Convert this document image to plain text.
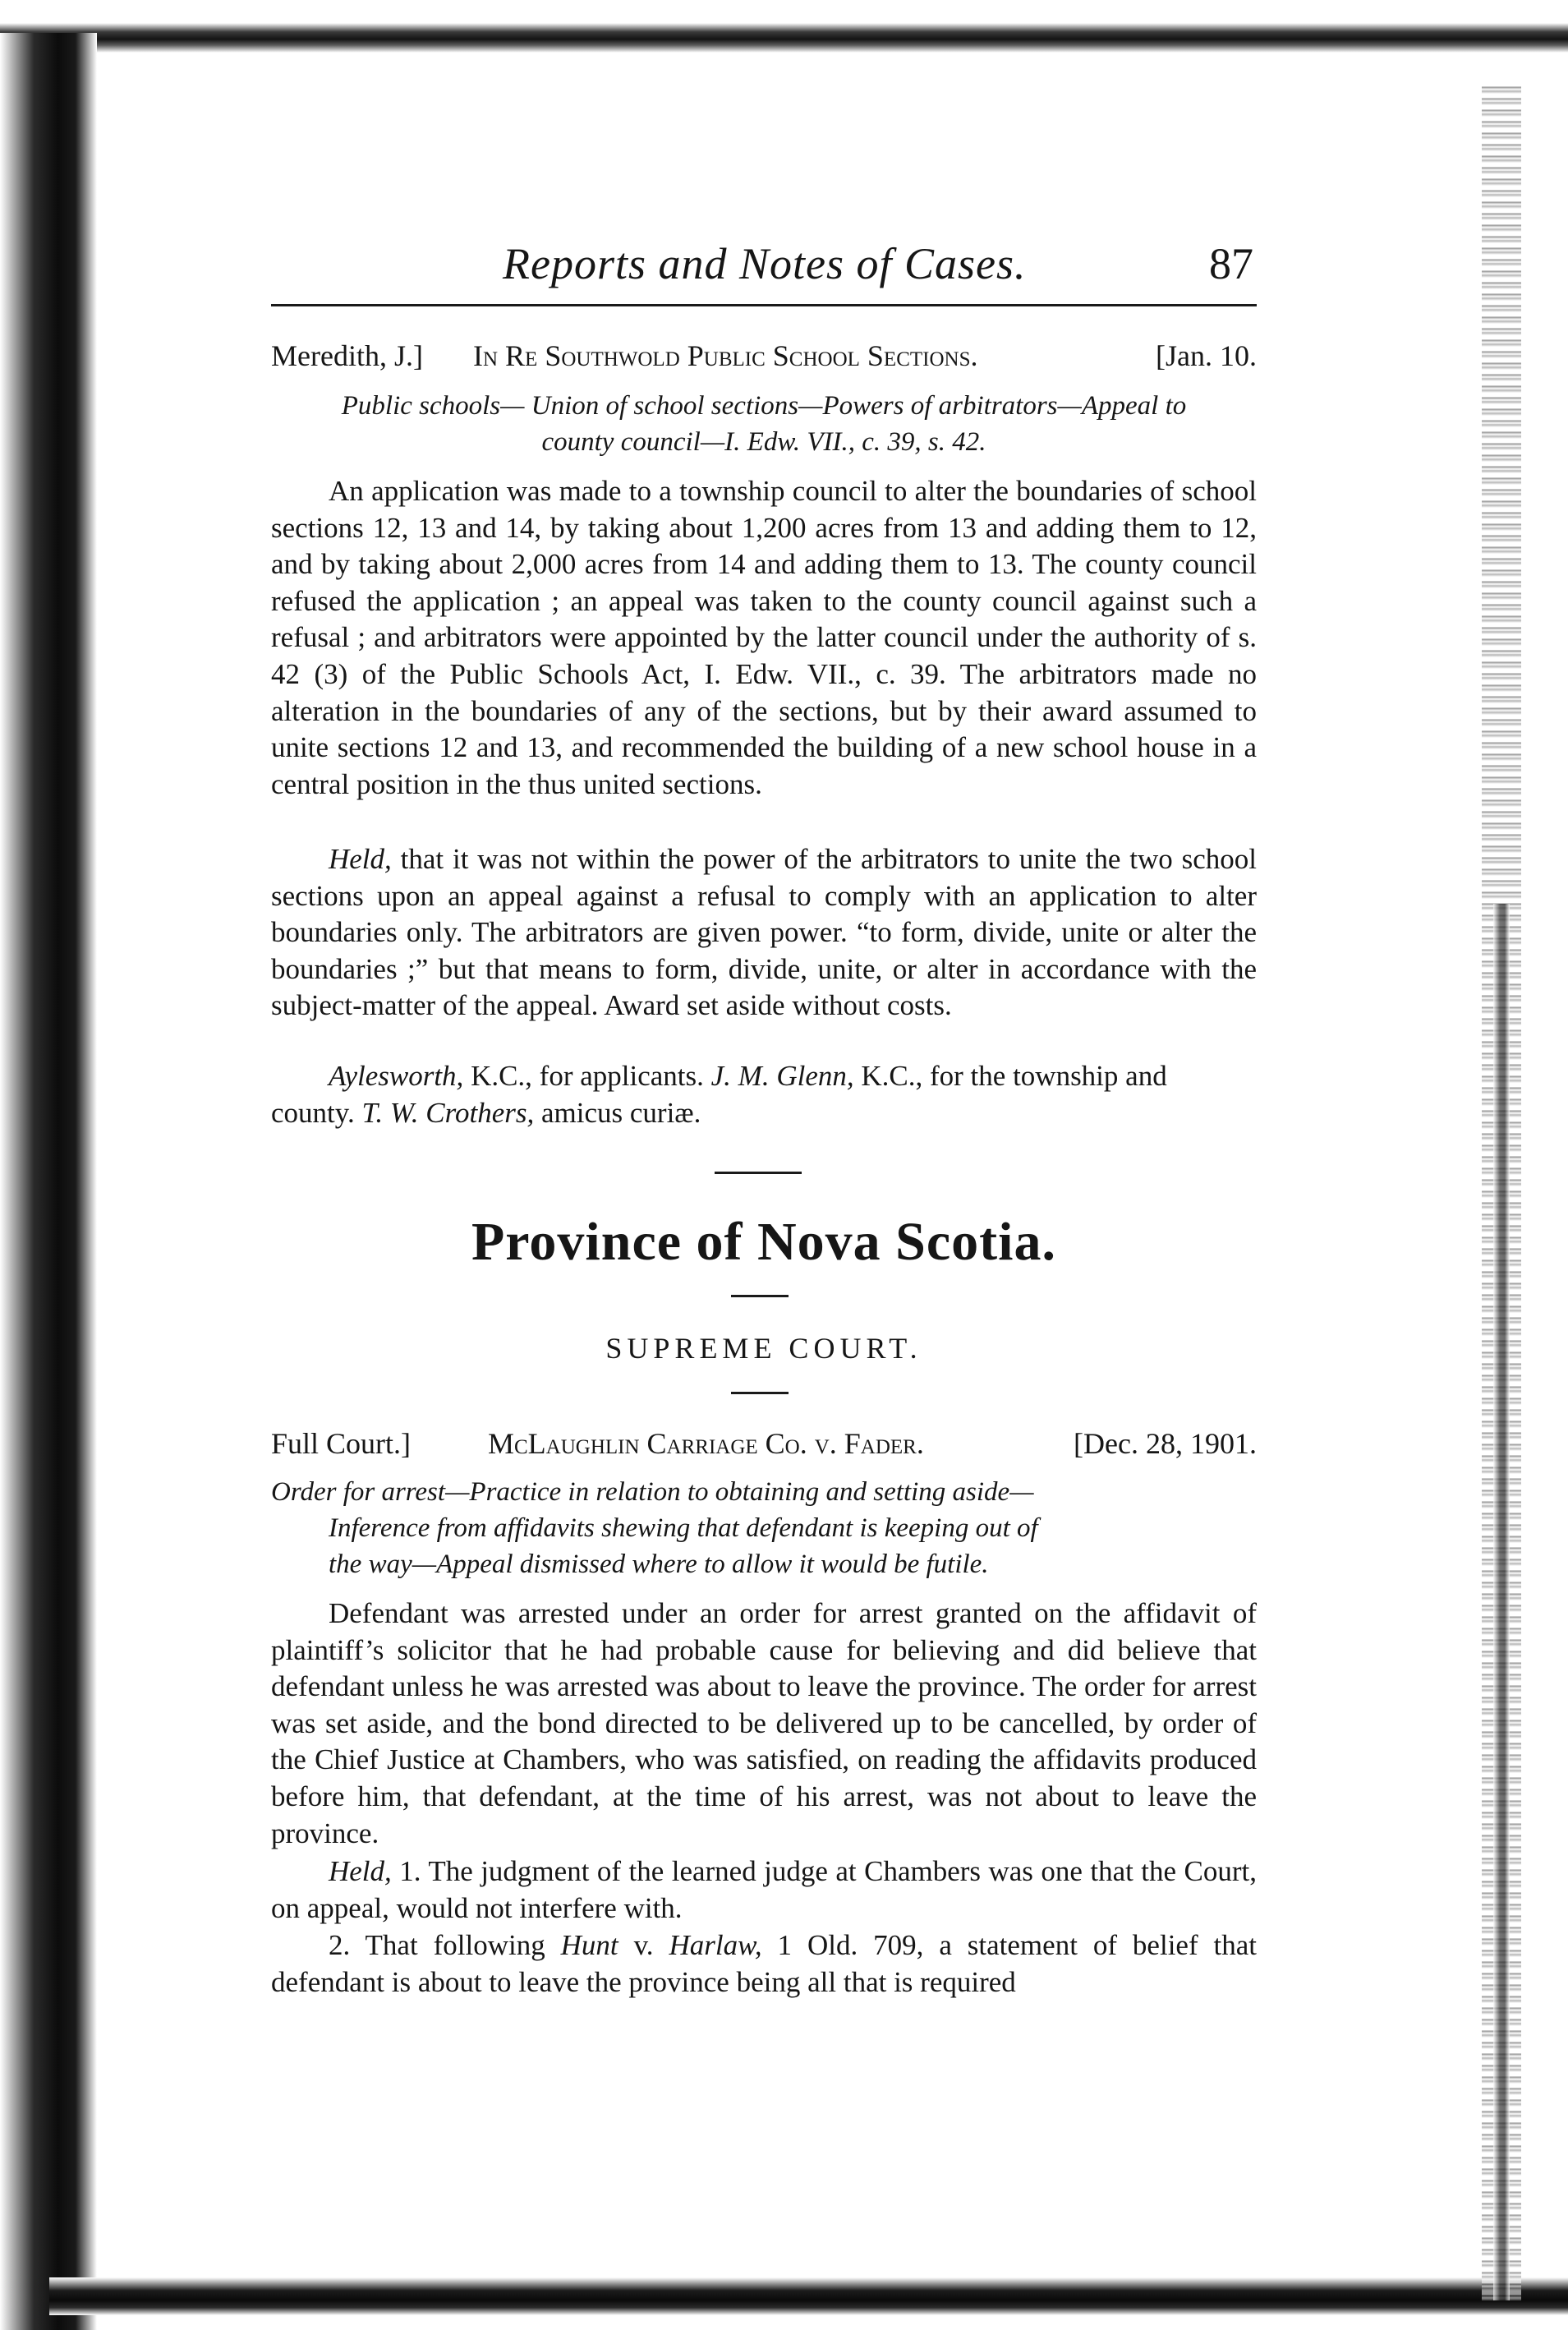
Reports and Notes of Cases.	87
Meredith, J.] In Re Southwold Public School Sections.	[Jan. 10.
Public schools— Union of school sections—Powers of arbitrators—Appeal to
county council—I. Edw. VII., c. 39, s. 42.
An application was made to a township council to alter the boundaries of school sections 12, 13 and 14, by taking about 1,200 acres from 13 and adding them to 12, and by taking about 2,000 acres from 14 and adding them to 13. The county council refused the application ; an appeal was taken to the county council against such a refusal ; and arbitrators were appointed by the latter council under the authority of s. 42 (3) of the Public Schools Act, I. Edw. VII., c. 39. The arbitrators made no alteration in the boundaries of any of the sections, but by their award assumed to unite sections 12 and 13, and recommended the building of a new school house in a central position in the thus united sections.
Held, that it was not within the power of the arbitrators to unite the two school sections upon an appeal against a refusal to comply with an application to alter boundaries only. The arbitrators are given power. “to form, divide, unite or alter the boundaries ;” but that means to form, divide, unite, or alter in accordance with the subject-matter of the appeal. Award set aside without costs.
Aylesworth, K.C., for applicants. J. M. Glenn, K.C., for the township and county. T. W. Crothers, amicus curiæ.
Province of Nova Scotia.
SUPREME COURT.
Full Court.]	McLaughlin Carriage Co. v. Fader.	[Dec. 28, 1901.
Order for arrest—Practice in relation to obtaining and setting aside—
Inference from affidavits shewing that defendant is keeping out of
the way—Appeal dismissed where to allow it would be futile.
Defendant was arrested under an order for arrest granted on the affidavit of plaintiff’s solicitor that he had probable cause for believing and did believe that defendant unless he was arrested was about to leave the province. The order for arrest was set aside, and the bond directed to be delivered up to be cancelled, by order of the Chief Justice at Chambers, who was satisfied, on reading the affidavits produced before him, that defendant, at the time of his arrest, was not about to leave the province.
Held, 1. The judgment of the learned judge at Chambers was one that the Court, on appeal, would not interfere with.
2. That following Hunt v. Harlaw, 1 Old. 709, a statement of belief that defendant is about to leave the province being all that is required
